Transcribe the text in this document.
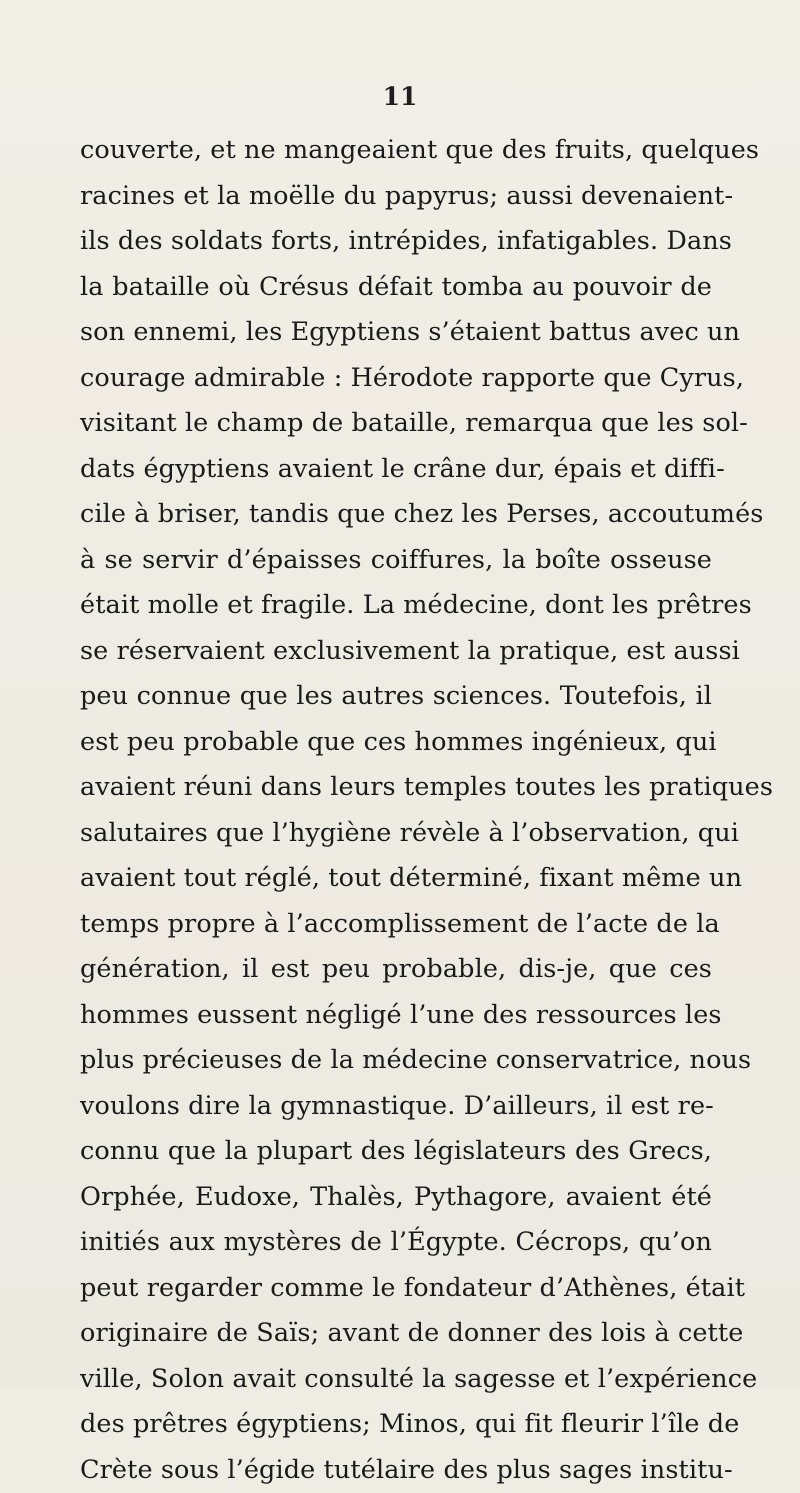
11
couverte, et ne mangeaient que des fruits, quelques
racines et la moëlle du papyrus; aussi devenaient-
ils des soldats forts, intrépides, infatigables. Dans
la bataille où Crésus défait tomba au pouvoir de
son ennemi, les Egyptiens s’étaient battus avec un
courage admirable : Hérodote rapporte que Cyrus,
visitant le champ de bataille, remarqua que les sol-
dats égyptiens avaient le crâne dur, épais et diffi-
cile à briser, tandis que chez les Perses, accoutumés
à se servir d’épaisses coiffures, la boîte osseuse
était molle et fragile. La médecine, dont les prêtres
se réservaient exclusivement la pratique, est aussi
peu connue que les autres sciences. Toutefois, il
est peu probable que ces hommes ingénieux, qui
avaient réuni dans leurs temples toutes les pratiques
salutaires que l’hygiène révèle à l’observation, qui
avaient tout réglé, tout déterminé, fixant même un
temps propre à l’accomplissement de l’acte de la
génération, il est peu probable, dis-je, que ces
hommes eussent négligé l’une des ressources les
plus précieuses de la médecine conservatrice, nous
voulons dire la gymnastique. D’ailleurs, il est re-
connu que la plupart des législateurs des Grecs,
Orphée, Eudoxe, Thalès, Pythagore, avaient été
initiés aux mystères de l’Égypte. Cécrops, qu’on
peut regarder comme le fondateur d’Athènes, était
originaire de Saïs; avant de donner des lois à cette
ville, Solon avait consulté la sagesse et l’expérience
des prêtres égyptiens; Minos, qui fit fleurir l’île de
Crète sous l’égide tutélaire des plus sages institu-
